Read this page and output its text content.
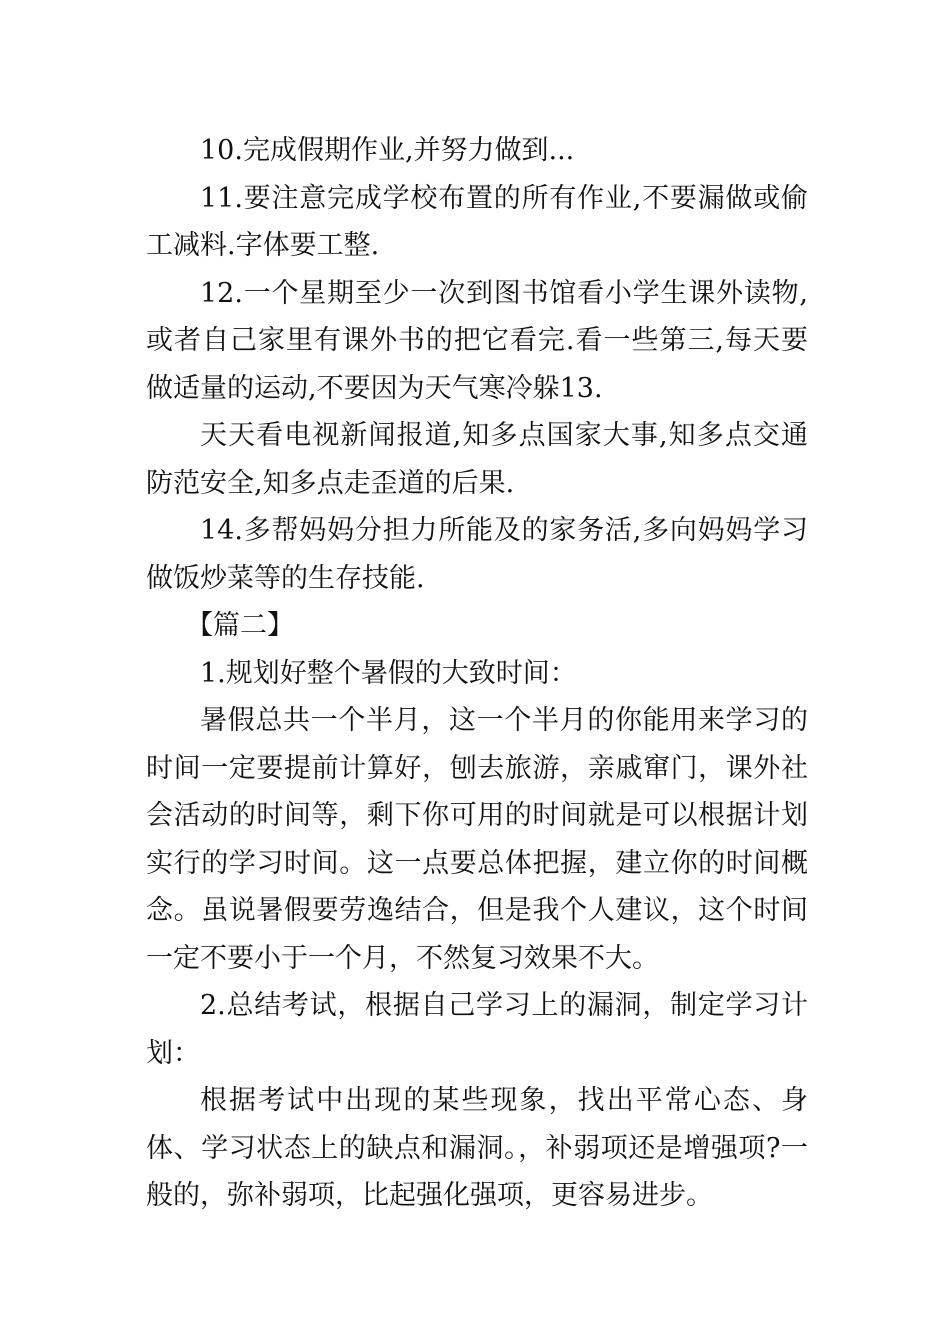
10.完成假期作业,并努力做到...

11.要注意完成学校布置的所有作业,不要漏做或偷工减料.字体要工整.

12.一个星期至少一次到图书馆看小学生课外读物,或者自己家里有课外书的把它看完.看一些第三,每天要做适量的运动,不要因为天气寒冷躲13.

天天看电视新闻报道,知多点国家大事,知多点交通防范安全,知多点走歪道的后果.

14.多帮妈妈分担力所能及的家务活,多向妈妈学习做饭炒菜等的生存技能.

【篇二】

1.规划好整个暑假的大致时间：

暑假总共一个半月，这一个半月的你能用来学习的时间一定要提前计算好，刨去旅游，亲戚窜门，课外社会活动的时间等，剩下你可用的时间就是可以根据计划实行的学习时间。这一点要总体把握，建立你的时间概念。虽说暑假要劳逸结合，但是我个人建议，这个时间一定不要小于一个月，不然复习效果不大。

2.总结考试，根据自己学习上的漏洞，制定学习计划：

根据考试中出现的某些现象，找出平常心态、身体、学习状态上的缺点和漏洞。，补弱项还是增强项?一般的，弥补弱项，比起强化强项，更容易进步。
